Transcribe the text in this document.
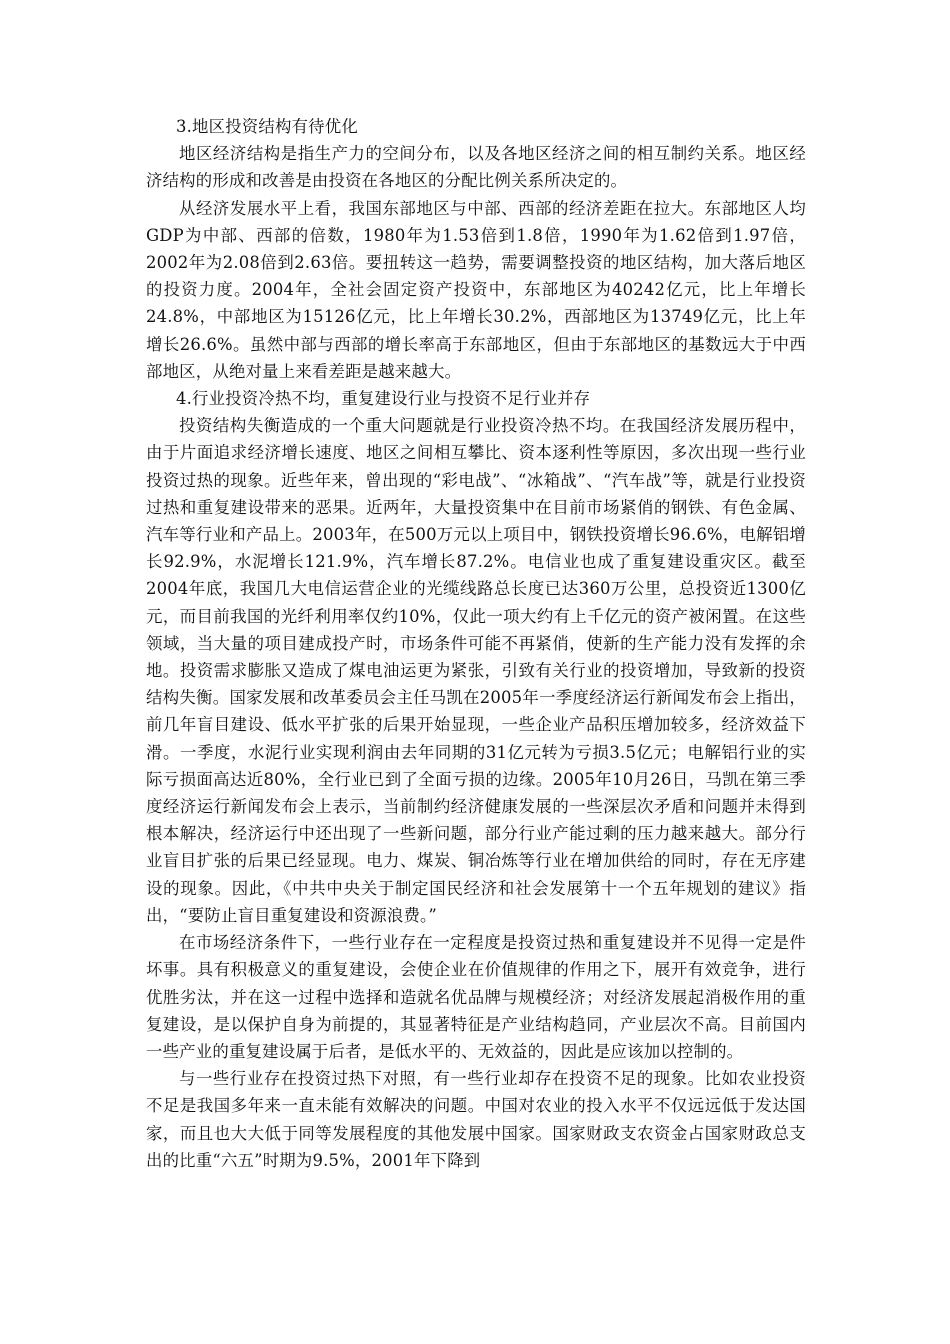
3.地区投资结构有待优化

地区经济结构是指生产力的空间分布，以及各地区经济之间的相互制约关系。地区经济结构的形成和改善是由投资在各地区的分配比例关系所决定的。

从经济发展水平上看，我国东部地区与中部、西部的经济差距在拉大。东部地区人均GDP为中部、西部的倍数，1980年为1.53倍到1.8倍，1990年为1.62倍到1.97倍，2002年为2.08倍到2.63倍。要扭转这一趋势，需要调整投资的地区结构，加大落后地区的投资力度。2004年，全社会固定资产投资中，东部地区为40242亿元，比上年增长24.8%，中部地区为15126亿元，比上年增长30.2%，西部地区为13749亿元，比上年增长26.6%。虽然中部与西部的增长率高于东部地区，但由于东部地区的基数远大于中西部地区，从绝对量上来看差距是越来越大。

4.行业投资冷热不均，重复建设行业与投资不足行业并存

投资结构失衡造成的一个重大问题就是行业投资冷热不均。在我国经济发展历程中，由于片面追求经济增长速度、地区之间相互攀比、资本逐利性等原因，多次出现一些行业投资过热的现象。近些年来，曾出现的“彩电战”、“冰箱战”、“汽车战”等，就是行业投资过热和重复建设带来的恶果。近两年，大量投资集中在目前市场紧俏的钢铁、有色金属、汽车等行业和产品上。2003年，在500万元以上项目中，钢铁投资增长96.6%，电解铝增长92.9%，水泥增长121.9%，汽车增长87.2%。电信业也成了重复建设重灾区。截至2004年底，我国几大电信运营企业的光缆线路总长度已达360万公里，总投资近1300亿元，而目前我国的光纤利用率仅约10%，仅此一项大约有上千亿元的资产被闲置。在这些领域，当大量的项目建成投产时，市场条件可能不再紧俏，使新的生产能力没有发挥的余地。投资需求膨胀又造成了煤电油运更为紧张，引致有关行业的投资增加，导致新的投资结构失衡。国家发展和改革委员会主任马凯在2005年一季度经济运行新闻发布会上指出，前几年盲目建设、低水平扩张的后果开始显现，一些企业产品积压增加较多，经济效益下滑。一季度，水泥行业实现利润由去年同期的31亿元转为亏损3.5亿元；电解铝行业的实际亏损面高达近80%，全行业已到了全面亏损的边缘。2005年10月26日，马凯在第三季度经济运行新闻发布会上表示，当前制约经济健康发展的一些深层次矛盾和问题并未得到根本解决，经济运行中还出现了一些新问题，部分行业产能过剩的压力越来越大。部分行业盲目扩张的后果已经显现。电力、煤炭、铜冶炼等行业在增加供给的同时，存在无序建设的现象。因此，《中共中央关于制定国民经济和社会发展第十一个五年规划的建议》指出，“要防止盲目重复建设和资源浪费。”

在市场经济条件下，一些行业存在一定程度是投资过热和重复建设并不见得一定是件坏事。具有积极意义的重复建设，会使企业在价值规律的作用之下，展开有效竞争，进行优胜劣汰，并在这一过程中选择和造就名优品牌与规模经济；对经济发展起消极作用的重复建设，是以保护自身为前提的，其显著特征是产业结构趋同，产业层次不高。目前国内一些产业的重复建设属于后者，是低水平的、无效益的，因此是应该加以控制的。

与一些行业存在投资过热下对照，有一些行业却存在投资不足的现象。比如农业投资不足是我国多年来一直未能有效解决的问题。中国对农业的投入水平不仅远远低于发达国家，而且也大大低于同等发展程度的其他发展中国家。国家财政支农资金占国家财政总支出的比重“六五”时期为9.5%，2001年下降到
